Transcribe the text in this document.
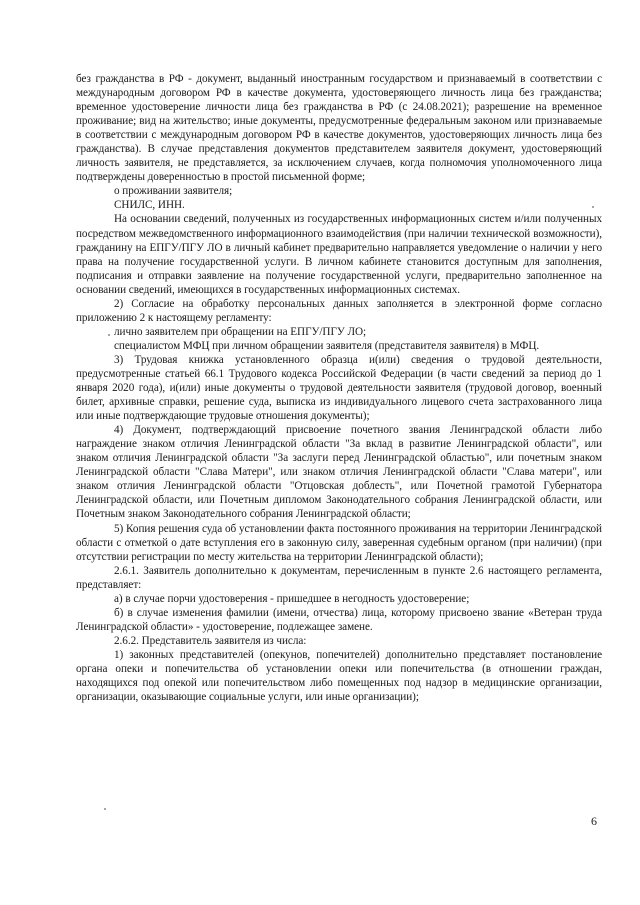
без гражданства в РФ - документ, выданный иностранным государством и признаваемый в соответствии с международным договором РФ в качестве документа, удостоверяющего личность лица без гражданства; временное удостоверение личности лица без гражданства в РФ (с 24.08.2021); разрешение на временное проживание; вид на жительство; иные документы, предусмотренные федеральным законом или признаваемые в соответствии с международным договором РФ в качестве документов, удостоверяющих личность лица без гражданства). В случае представления документов представителем заявителя документ, удостоверяющий личность заявителя, не представляется, за исключением случаев, когда полномочия уполномоченного лица подтверждены доверенностью в простой письменной форме;

о проживании заявителя;

СНИЛС, ИНН.

На основании сведений, полученных из государственных информационных систем и/или полученных посредством межведомственного информационного взаимодействия (при наличии технической возможности), гражданину на ЕПГУ/ПГУ ЛО в личный кабинет предварительно направляется уведомление о наличии у него права на получение государственной услуги. В личном кабинете становится доступным для заполнения, подписания и отправки заявление на получение государственной услуги, предварительно заполненное на основании сведений, имеющихся в государственных информационных системах.

2) Согласие на обработку персональных данных заполняется в электронной форме согласно приложению 2 к настоящему регламенту:

лично заявителем при обращении на ЕПГУ/ПГУ ЛО;

специалистом МФЦ при личном обращении заявителя (представителя заявителя) в МФЦ.

3) Трудовая книжка установленного образца и(или) сведения о трудовой деятельности, предусмотренные статьей 66.1 Трудового кодекса Российской Федерации (в части сведений за период до 1 января 2020 года), и(или) иные документы о трудовой деятельности заявителя (трудовой договор, военный билет, архивные справки, решение суда, выписка из индивидуального лицевого счета застрахованного лица или иные подтверждающие трудовые отношения документы);

4) Документ, подтверждающий присвоение почетного звания Ленинградской области либо награждение знаком отличия Ленинградской области "За вклад в развитие Ленинградской области", или знаком отличия Ленинградской области "За заслуги перед Ленинградской областью", или почетным знаком Ленинградской области "Слава Матери", или знаком отличия Ленинградской области "Слава матери", или знаком отличия Ленинградской области "Отцовская доблесть", или Почетной грамотой Губернатора Ленинградской области, или Почетным дипломом Законодательного собрания Ленинградской области, или Почетным знаком Законодательного собрания Ленинградской области;

5) Копия решения суда об установлении факта постоянного проживания на территории Ленинградской области с отметкой о дате вступления его в законную силу, заверенная судебным органом (при наличии) (при отсутствии регистрации по месту жительства на территории Ленинградской области);

2.6.1. Заявитель дополнительно к документам, перечисленным в пункте 2.6 настоящего регламента, представляет:

а) в случае порчи удостоверения - пришедшее в негодность удостоверение;

б) в случае изменения фамилии (имени, отчества) лица, которому присвоено звание «Ветеран труда Ленинградской области» - удостоверение, подлежащее замене.

2.6.2. Представитель заявителя из числа:

1) законных представителей (опекунов, попечителей) дополнительно представляет постановление органа опеки и попечительства об установлении опеки или попечительства (в отношении граждан, находящихся под опекой или попечительством либо помещенных под надзор в медицинские организации, организации, оказывающие социальные услуги, или иные организации);

6
